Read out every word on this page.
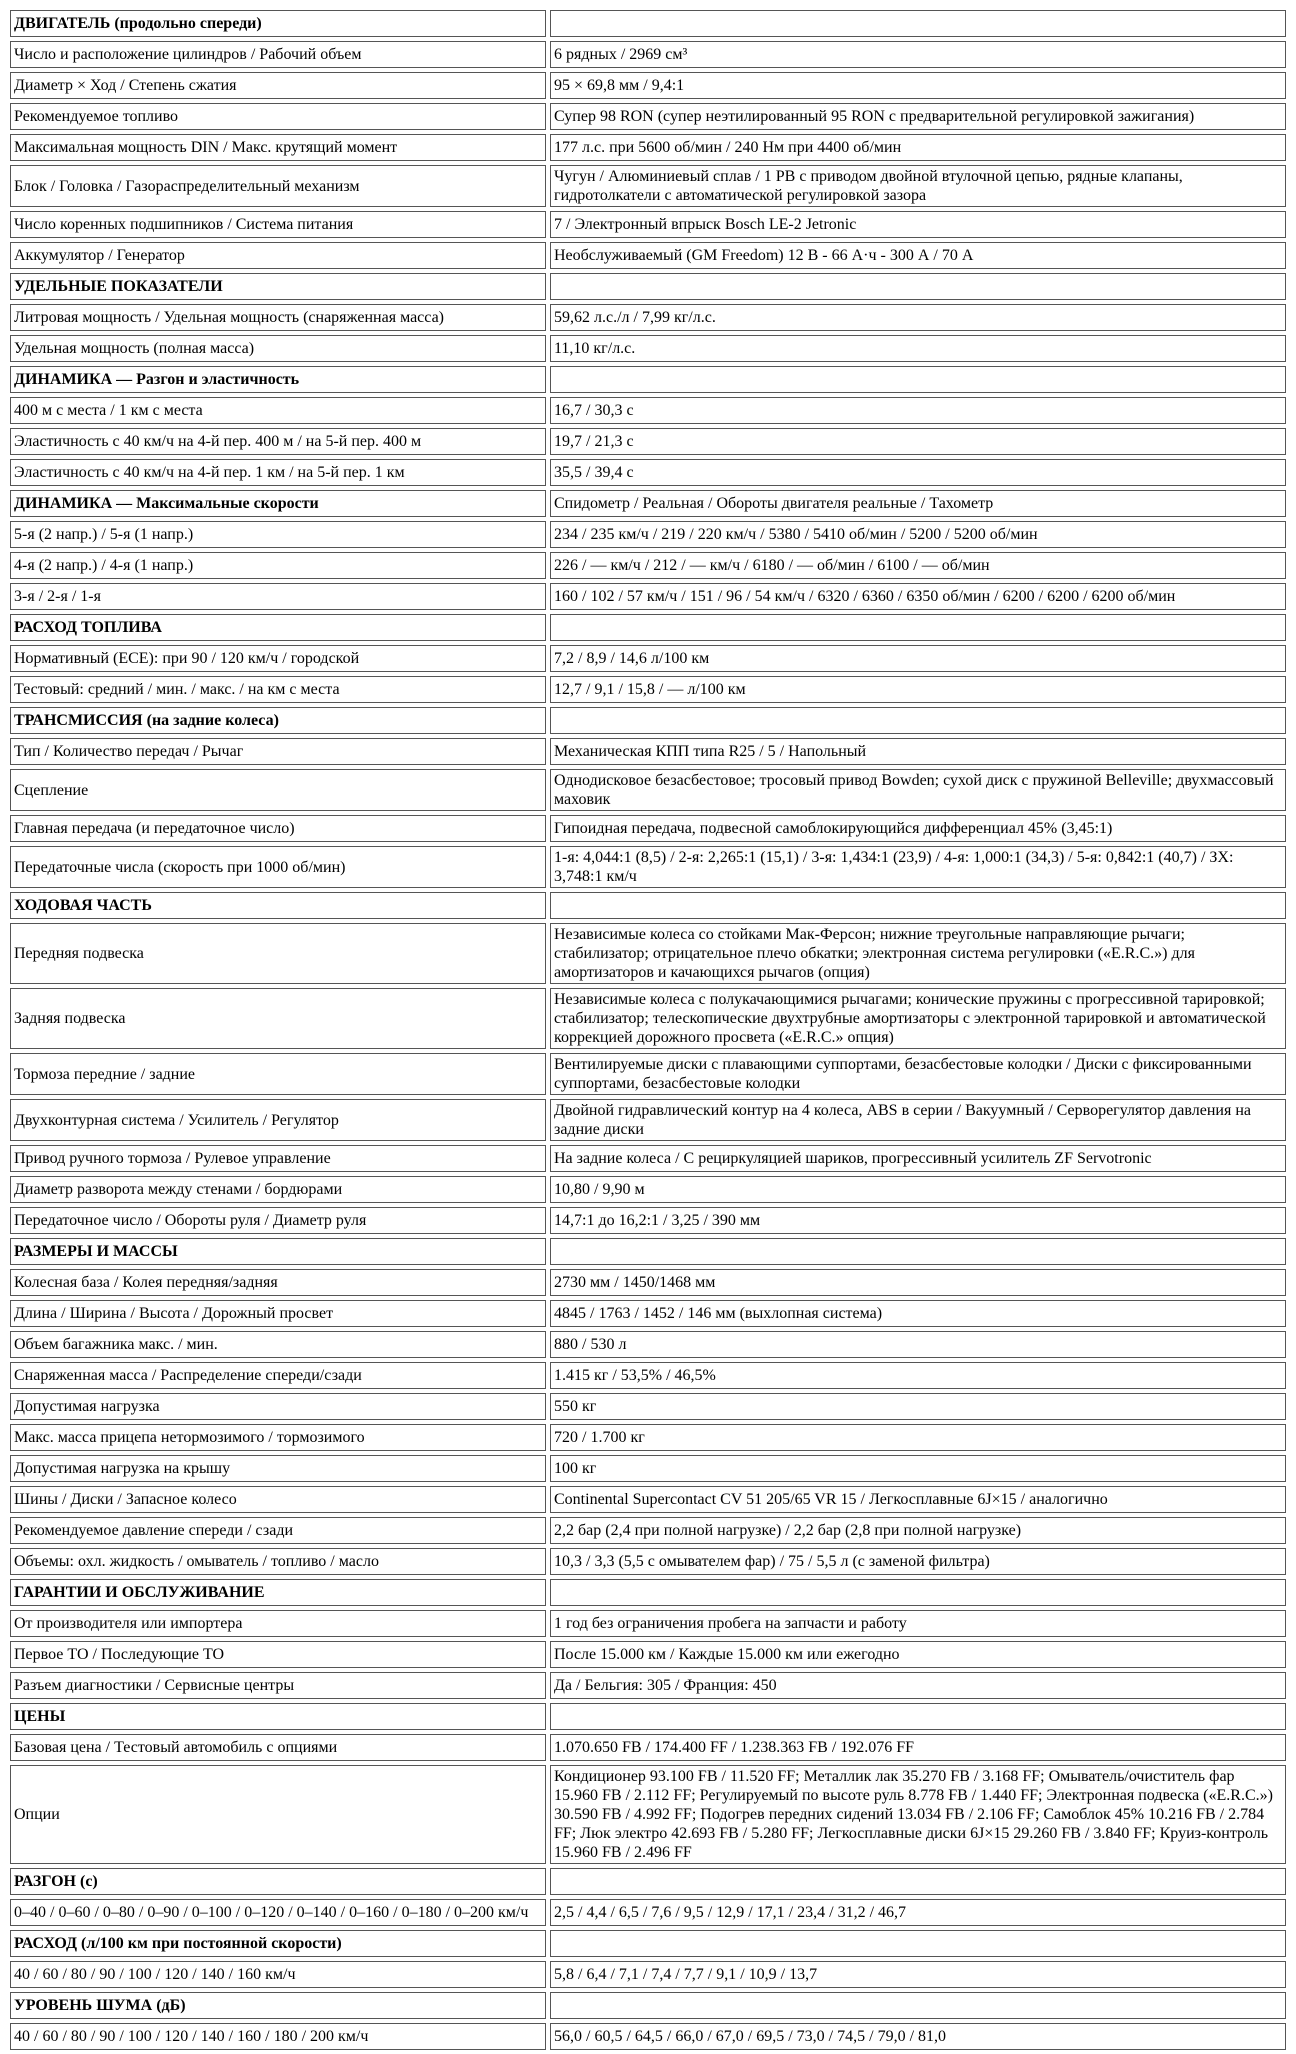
ДВИГАТЕЛЬ (продольно спереди)	
Число и расположение цилиндров / Рабочий объем	6 рядных / 2969 см³
Диаметр × Ход / Степень сжатия	95 × 69,8 мм / 9,4:1
Рекомендуемое топливо	Супер 98 RON (супер неэтилированный 95 RON с предварительной регулировкой зажигания)
Максимальная мощность DIN / Макс. крутящий момент	177 л.с. при 5600 об/мин / 240 Нм при 4400 об/мин
Блок / Головка / Газораспределительный механизм	Чугун / Алюминиевый сплав / 1 РВ с приводом двойной втулочной цепью, рядные клапаны, гидротолкатели с автоматической регулировкой зазора
Число коренных подшипников / Система питания	7 / Электронный впрыск Bosch LE-2 Jetronic
Аккумулятор / Генератор	Необслуживаемый (GM Freedom) 12 В - 66 А·ч - 300 А / 70 А
УДЕЛЬНЫЕ ПОКАЗАТЕЛИ	
Литровая мощность / Удельная мощность (снаряженная масса)	59,62 л.с./л / 7,99 кг/л.с.
Удельная мощность (полная масса)	11,10 кг/л.с.
ДИНАМИКА — Разгон и эластичность	
400 м с места / 1 км с места	16,7 / 30,3 с
Эластичность с 40 км/ч на 4-й пер. 400 м / на 5-й пер. 400 м	19,7 / 21,3 с
Эластичность с 40 км/ч на 4-й пер. 1 км / на 5-й пер. 1 км	35,5 / 39,4 с
ДИНАМИКА — Максимальные скорости	Спидометр / Реальная / Обороты двигателя реальные / Тахометр
5-я (2 напр.) / 5-я (1 напр.)	234 / 235 км/ч / 219 / 220 км/ч / 5380 / 5410 об/мин / 5200 / 5200 об/мин
4-я (2 напр.) / 4-я (1 напр.)	226 / — км/ч / 212 / — км/ч / 6180 / — об/мин / 6100 / — об/мин
3-я / 2-я / 1-я	160 / 102 / 57 км/ч / 151 / 96 / 54 км/ч / 6320 / 6360 / 6350 об/мин / 6200 / 6200 / 6200 об/мин
РАСХОД ТОПЛИВА	
Нормативный (ECE): при 90 / 120 км/ч / городской	7,2 / 8,9 / 14,6 л/100 км
Тестовый: средний / мин. / макс. / на км с места	12,7 / 9,1 / 15,8 / — л/100 км
ТРАНСМИССИЯ (на задние колеса)	
Тип / Количество передач / Рычаг	Механическая КПП типа R25 / 5 / Напольный
Сцепление	Однодисковое безасбестовое; тросовый привод Bowden; сухой диск с пружиной Belleville; двухмассовый маховик
Главная передача (и передаточное число)	Гипоидная передача, подвесной самоблокирующийся дифференциал 45% (3,45:1)
Передаточные числа (скорость при 1000 об/мин)	1-я: 4,044:1 (8,5) / 2-я: 2,265:1 (15,1) / 3-я: 1,434:1 (23,9) / 4-я: 1,000:1 (34,3) / 5-я: 0,842:1 (40,7) / ЗХ: 3,748:1 км/ч
ХОДОВАЯ ЧАСТЬ	
Передняя подвеска	Независимые колеса со стойками Мак-Ферсон; нижние треугольные направляющие рычаги; стабилизатор; отрицательное плечо обкатки; электронная система регулировки («E.R.C.») для амортизаторов и качающихся рычагов (опция)
Задняя подвеска	Независимые колеса с полукачающимися рычагами; конические пружины с прогрессивной тарировкой; стабилизатор; телескопические двухтрубные амортизаторы с электронной тарировкой и автоматической коррекцией дорожного просвета («E.R.C.» опция)
Тормоза передние / задние	Вентилируемые диски с плавающими суппортами, безасбестовые колодки / Диски с фиксированными суппортами, безасбестовые колодки
Двухконтурная система / Усилитель / Регулятор	Двойной гидравлический контур на 4 колеса, ABS в серии / Вакуумный / Серворегулятор давления на задние диски
Привод ручного тормоза / Рулевое управление	На задние колеса / С рециркуляцией шариков, прогрессивный усилитель ZF Servotronic
Диаметр разворота между стенами / бордюрами	10,80 / 9,90 м
Передаточное число / Обороты руля / Диаметр руля	14,7:1 до 16,2:1 / 3,25 / 390 мм
РАЗМЕРЫ И МАССЫ	
Колесная база / Колея передняя/задняя	2730 мм / 1450/1468 мм
Длина / Ширина / Высота / Дорожный просвет	4845 / 1763 / 1452 / 146 мм (выхлопная система)
Объем багажника макс. / мин.	880 / 530 л
Снаряженная масса / Распределение спереди/сзади	1.415 кг / 53,5% / 46,5%
Допустимая нагрузка	550 кг
Макс. масса прицепа нетормозимого / тормозимого	720 / 1.700 кг
Допустимая нагрузка на крышу	100 кг
Шины / Диски / Запасное колесо	Continental Supercontact CV 51 205/65 VR 15 / Легкосплавные 6J×15 / аналогично
Рекомендуемое давление спереди / сзади	2,2 бар (2,4 при полной нагрузке) / 2,2 бар (2,8 при полной нагрузке)
Объемы: охл. жидкость / омыватель / топливо / масло	10,3 / 3,3 (5,5 с омывателем фар) / 75 / 5,5 л (с заменой фильтра)
ГАРАНТИИ И ОБСЛУЖИВАНИЕ	
От производителя или импортера	1 год без ограничения пробега на запчасти и работу
Первое ТО / Последующие ТО	После 15.000 км / Каждые 15.000 км или ежегодно
Разъем диагностики / Сервисные центры	Да / Бельгия: 305 / Франция: 450
ЦЕНЫ	
Базовая цена / Тестовый автомобиль с опциями	1.070.650 FB / 174.400 FF / 1.238.363 FB / 192.076 FF
Опции	Кондиционер 93.100 FB / 11.520 FF; Металлик лак 35.270 FB / 3.168 FF; Омыватель/очиститель фар 15.960 FB / 2.112 FF; Регулируемый по высоте руль 8.778 FB / 1.440 FF; Электронная подвеска («E.R.C.») 30.590 FB / 4.992 FF; Подогрев передних сидений 13.034 FB / 2.106 FF; Самоблок 45% 10.216 FB / 2.784 FF; Люк электро 42.693 FB / 5.280 FF; Легкосплавные диски 6J×15 29.260 FB / 3.840 FF; Круиз-контроль 15.960 FB / 2.496 FF
РАЗГОН (с)	
0–40 / 0–60 / 0–80 / 0–90 / 0–100 / 0–120 / 0–140 / 0–160 / 0–180 / 0–200 км/ч	2,5 / 4,4 / 6,5 / 7,6 / 9,5 / 12,9 / 17,1 / 23,4 / 31,2 / 46,7
РАСХОД (л/100 км при постоянной скорости)	
40 / 60 / 80 / 90 / 100 / 120 / 140 / 160 км/ч	5,8 / 6,4 / 7,1 / 7,4 / 7,7 / 9,1 / 10,9 / 13,7
УРОВЕНЬ ШУМА (дБ)	
40 / 60 / 80 / 90 / 100 / 120 / 140 / 160 / 180 / 200 км/ч	56,0 / 60,5 / 64,5 / 66,0 / 67,0 / 69,5 / 73,0 / 74,5 / 79,0 / 81,0
